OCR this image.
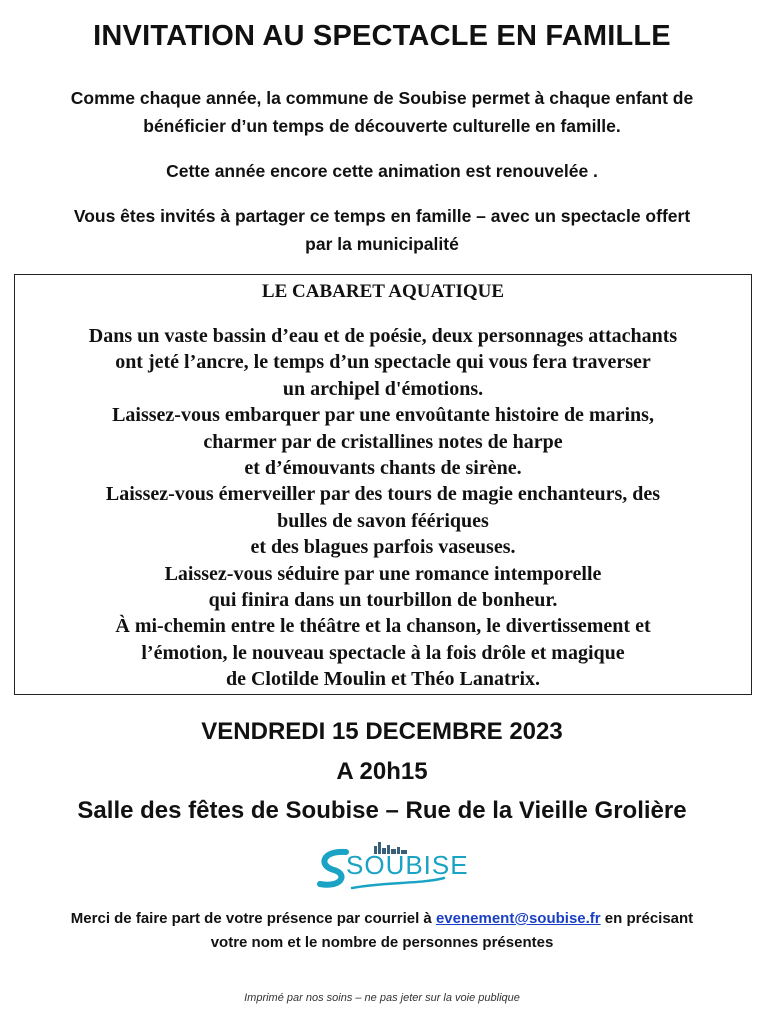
INVITATION AU SPECTACLE EN FAMILLE
Comme chaque année, la commune de Soubise permet à chaque enfant de
bénéficier d’un temps de découverte culturelle en famille.
Cette année encore cette animation est renouvelée .
Vous êtes invités à partager ce temps en famille – avec un spectacle offert
par la municipalité
LE CABARET AQUATIQUE
Dans un vaste bassin d’eau et de poésie, deux personnages attachants
ont jeté l’ancre, le temps d’un spectacle qui vous fera traverser
un archipel d'émotions.
Laissez-vous embarquer par une envoûtante histoire de marins,
charmer par de cristallines notes de harpe
et d’émouvants chants de sirène.
Laissez-vous émerveiller par des tours de magie enchanteurs, des
bulles de savon féériques
et des blagues parfois vaseuses.
Laissez-vous séduire par une romance intemporelle
qui finira dans un tourbillon de bonheur.
À mi-chemin entre le théâtre et la chanson, le divertissement et
l’émotion, le nouveau spectacle à la fois drôle et magique
de Clotilde Moulin et Théo Lanatrix.
VENDREDI 15 DECEMBRE 2023
A 20h15
Salle des fêtes de Soubise – Rue de la Vieille Grolière
SOUBISE
Merci de faire part de votre présence par courriel à evenement@soubise.fr en précisant
votre nom et le nombre de personnes présentes
Imprimé par nos soins – ne pas jeter sur la voie publique
